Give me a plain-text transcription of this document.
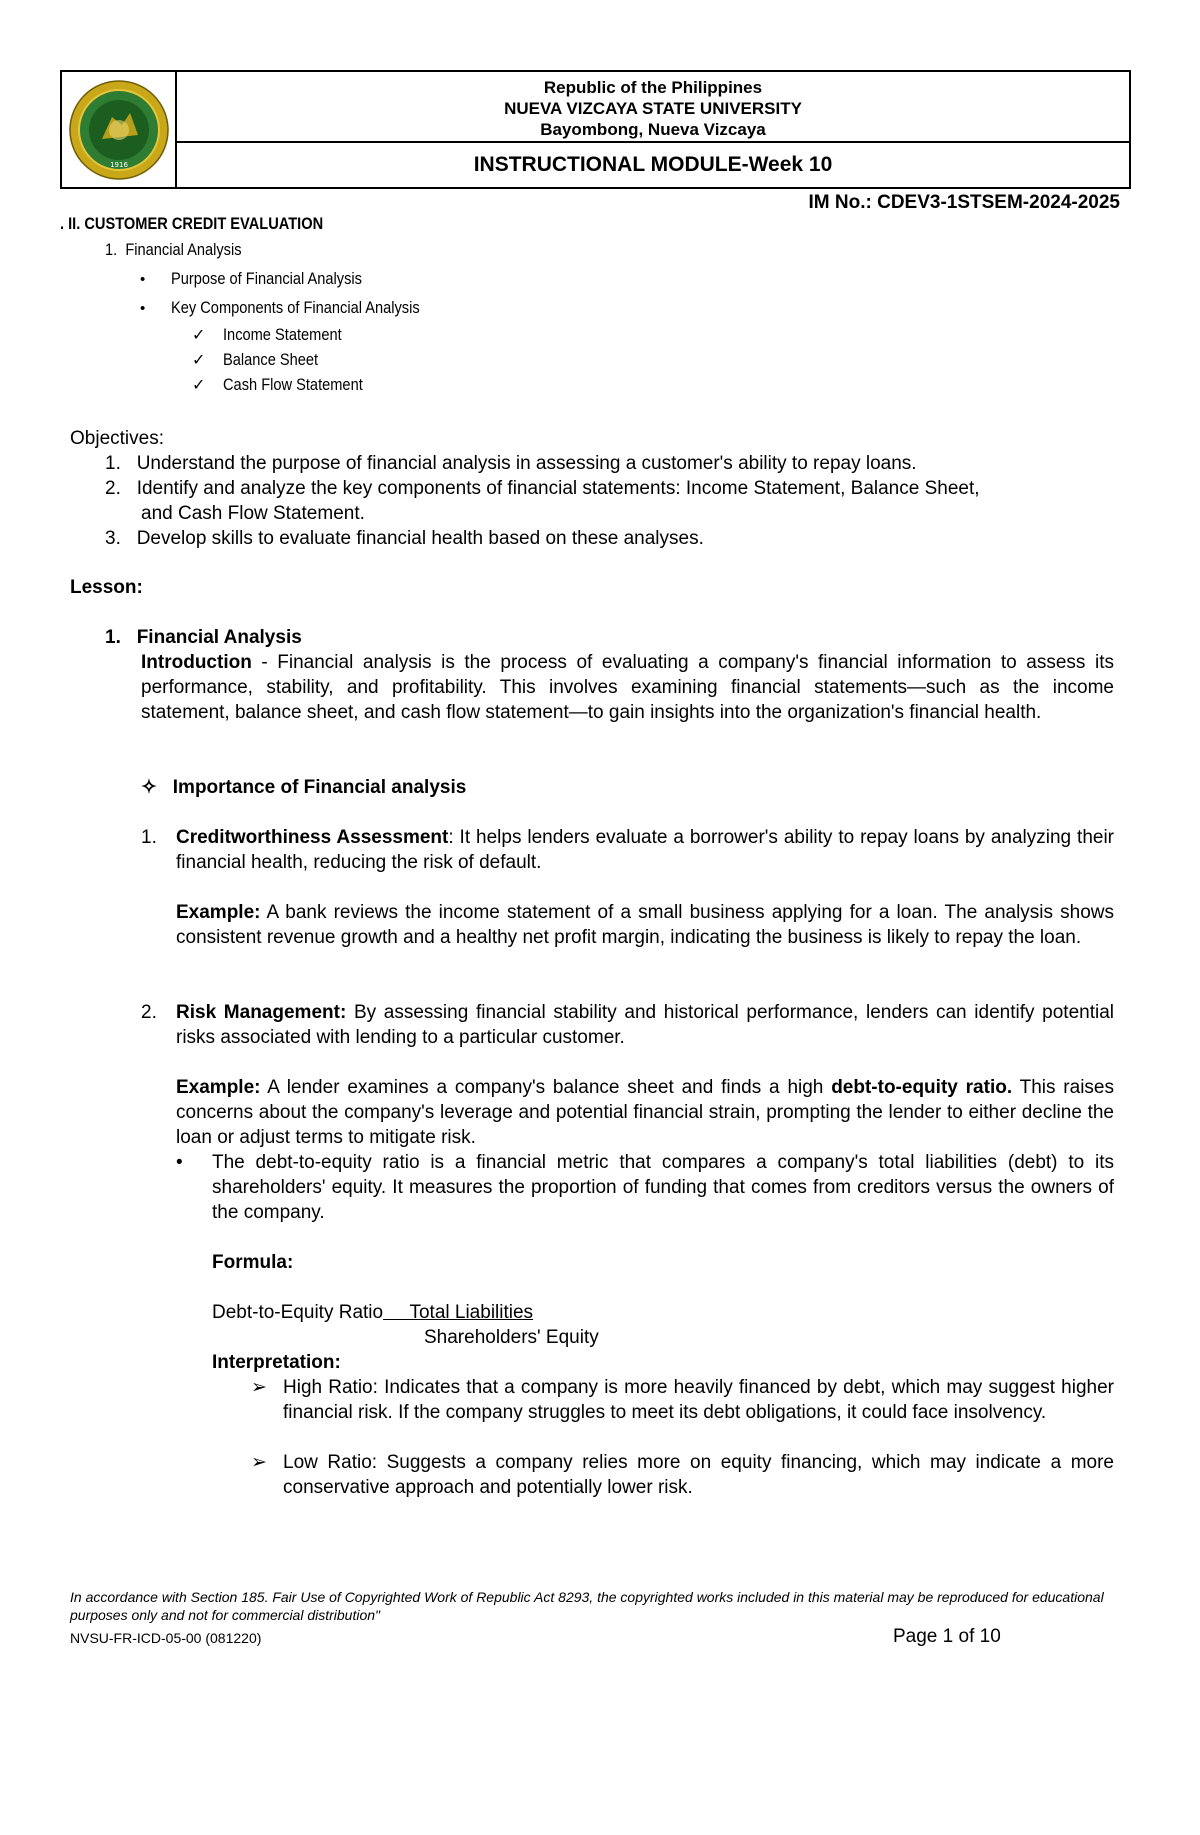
1916
Republic of the Philippines
NUEVA VIZCAYA STATE UNIVERSITY
Bayombong, Nueva Vizcaya
INSTRUCTIONAL MODULE-Week 10
IM No.: CDEV3-1STSEM-2024-2025
. II. CUSTOMER CREDIT EVALUATION
1. Financial Analysis
• Purpose of Financial Analysis
• Key Components of Financial Analysis
✓ Income Statement
✓ Balance Sheet
✓ Cash Flow Statement
Objectives:
1.   Understand the purpose of financial analysis in assessing a customer's ability to repay loans.
2.   Identify and analyze the key components of financial statements: Income Statement, Balance Sheet,
and Cash Flow Statement.
3.   Develop skills to evaluate financial health based on these analyses.
Lesson:
1. Financial Analysis
Introduction - Financial analysis is the process of evaluating a company's financial information to assess its performance, stability, and profitability. This involves examining financial statements—such as the income statement, balance sheet, and cash flow statement—to gain insights into the organization's financial health.
✧ Importance of Financial analysis
1. Creditworthiness Assessment: It helps lenders evaluate a borrower's ability to repay loans by analyzing their financial health, reducing the risk of default.
Example: A bank reviews the income statement of a small business applying for a loan. The analysis shows consistent revenue growth and a healthy net profit margin, indicating the business is likely to repay the loan.
2. Risk Management: By assessing financial stability and historical performance, lenders can identify potential risks associated with lending to a particular customer.
Example: A lender examines a company's balance sheet and finds a high debt-to-equity ratio. This raises concerns about the company's leverage and potential financial strain, prompting the lender to either decline the loan or adjust terms to mitigate risk.
• The debt-to-equity ratio is a financial metric that compares a company's total liabilities (debt) to its shareholders' equity. It measures the proportion of funding that comes from creditors versus the owners of the company.
Formula:
Debt-to-Equity Ratio Total Liabilities
Shareholders' Equity
Interpretation:
➢ High Ratio: Indicates that a company is more heavily financed by debt, which may suggest higher financial risk. If the company struggles to meet its debt obligations, it could face insolvency.
➢ Low Ratio: Suggests a company relies more on equity financing, which may indicate a more conservative approach and potentially lower risk.
In accordance with Section 185. Fair Use of Copyrighted Work of Republic Act 8293, the copyrighted works included in this material may be reproduced for educational purposes only and not for commercial distribution"
NVSU-FR-ICD-05-00 (081220)	Page 1 of 10
